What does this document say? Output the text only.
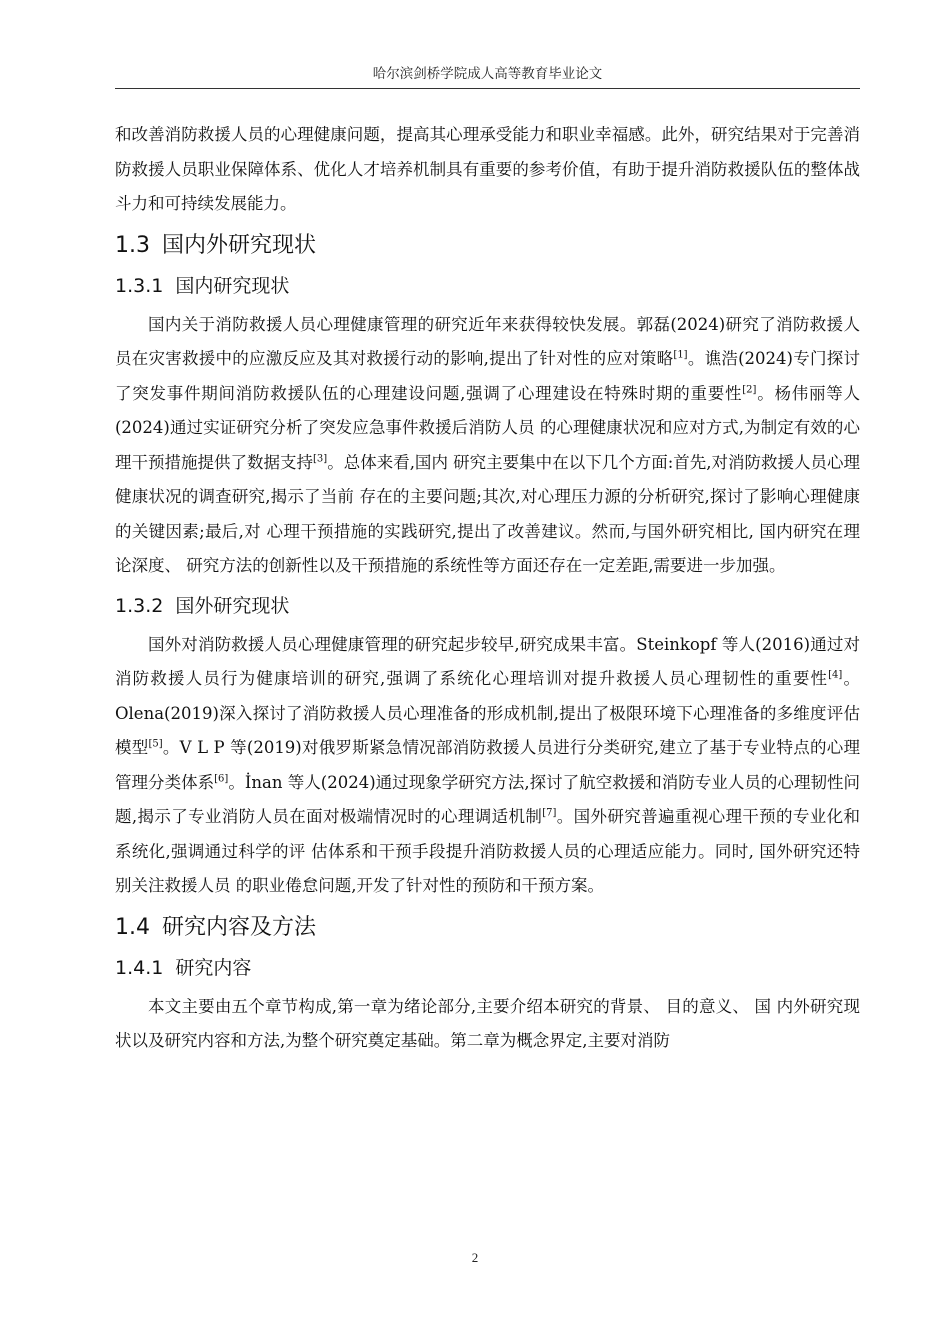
哈尔滨剑桥学院成人高等教育毕业论文

和改善消防救援人员的心理健康问题，提高其心理承受能力和职业幸福感。此外，研究结果对于完善消防救援人员职业保障体系、优化人才培养机制具有重要的参考价值，有助于提升消防救援队伍的整体战斗力和可持续发展能力。

1.3 国内外研究现状
1.3.1 国内研究现状

国内关于消防救援人员心理健康管理的研究近年来获得较快发展。郭磊(2024)研究了消防救援人员在灾害救援中的应激反应及其对救援行动的影响,提出了针对性的应对策略[1]。谯浩(2024)专门探讨了突发事件期间消防救援队伍的心理建设问题,强调了心理建设在特殊时期的重要性[2]。杨伟丽等人(2024)通过实证研究分析了突发应急事件救援后消防人员 的心理健康状况和应对方式,为制定有效的心理干预措施提供了数据支持[3]。总体来看,国内 研究主要集中在以下几个方面:首先,对消防救援人员心理健康状况的调查研究,揭示了当前 存在的主要问题;其次,对心理压力源的分析研究,探讨了影响心理健康的关键因素;最后,对 心理干预措施的实践研究,提出了改善建议。然而,与国外研究相比, 国内研究在理论深度、 研究方法的创新性以及干预措施的系统性等方面还存在一定差距,需要进一步加强。

1.3.2 国外研究现状

国外对消防救援人员心理健康管理的研究起步较早,研究成果丰富。Steinkopf 等人(2016)通过对消防救援人员行为健康培训的研究,强调了系统化心理培训对提升救援人员心理韧性的重要性[4]。Olena(2019)深入探讨了消防救援人员心理准备的形成机制,提出了极限环境下心理准备的多维度评估模型[5]。V L P 等(2019)对俄罗斯紧急情况部消防救援人员进行分类研究,建立了基于专业特点的心理管理分类体系[6]。İnan 等人(2024)通过现象学研究方法,探讨了航空救援和消防专业人员的心理韧性问题,揭示了专业消防人员在面对极端情况时的心理调适机制[7]。国外研究普遍重视心理干预的专业化和系统化,强调通过科学的评 估体系和干预手段提升消防救援人员的心理适应能力。同时, 国外研究还特别关注救援人员 的职业倦怠问题,开发了针对性的预防和干预方案。

1.4 研究内容及方法
1.4.1 研究内容

本文主要由五个章节构成,第一章为绪论部分,主要介绍本研究的背景、 目的意义、 国 内外研究现状以及研究内容和方法,为整个研究奠定基础。第二章为概念界定,主要对消防

2
